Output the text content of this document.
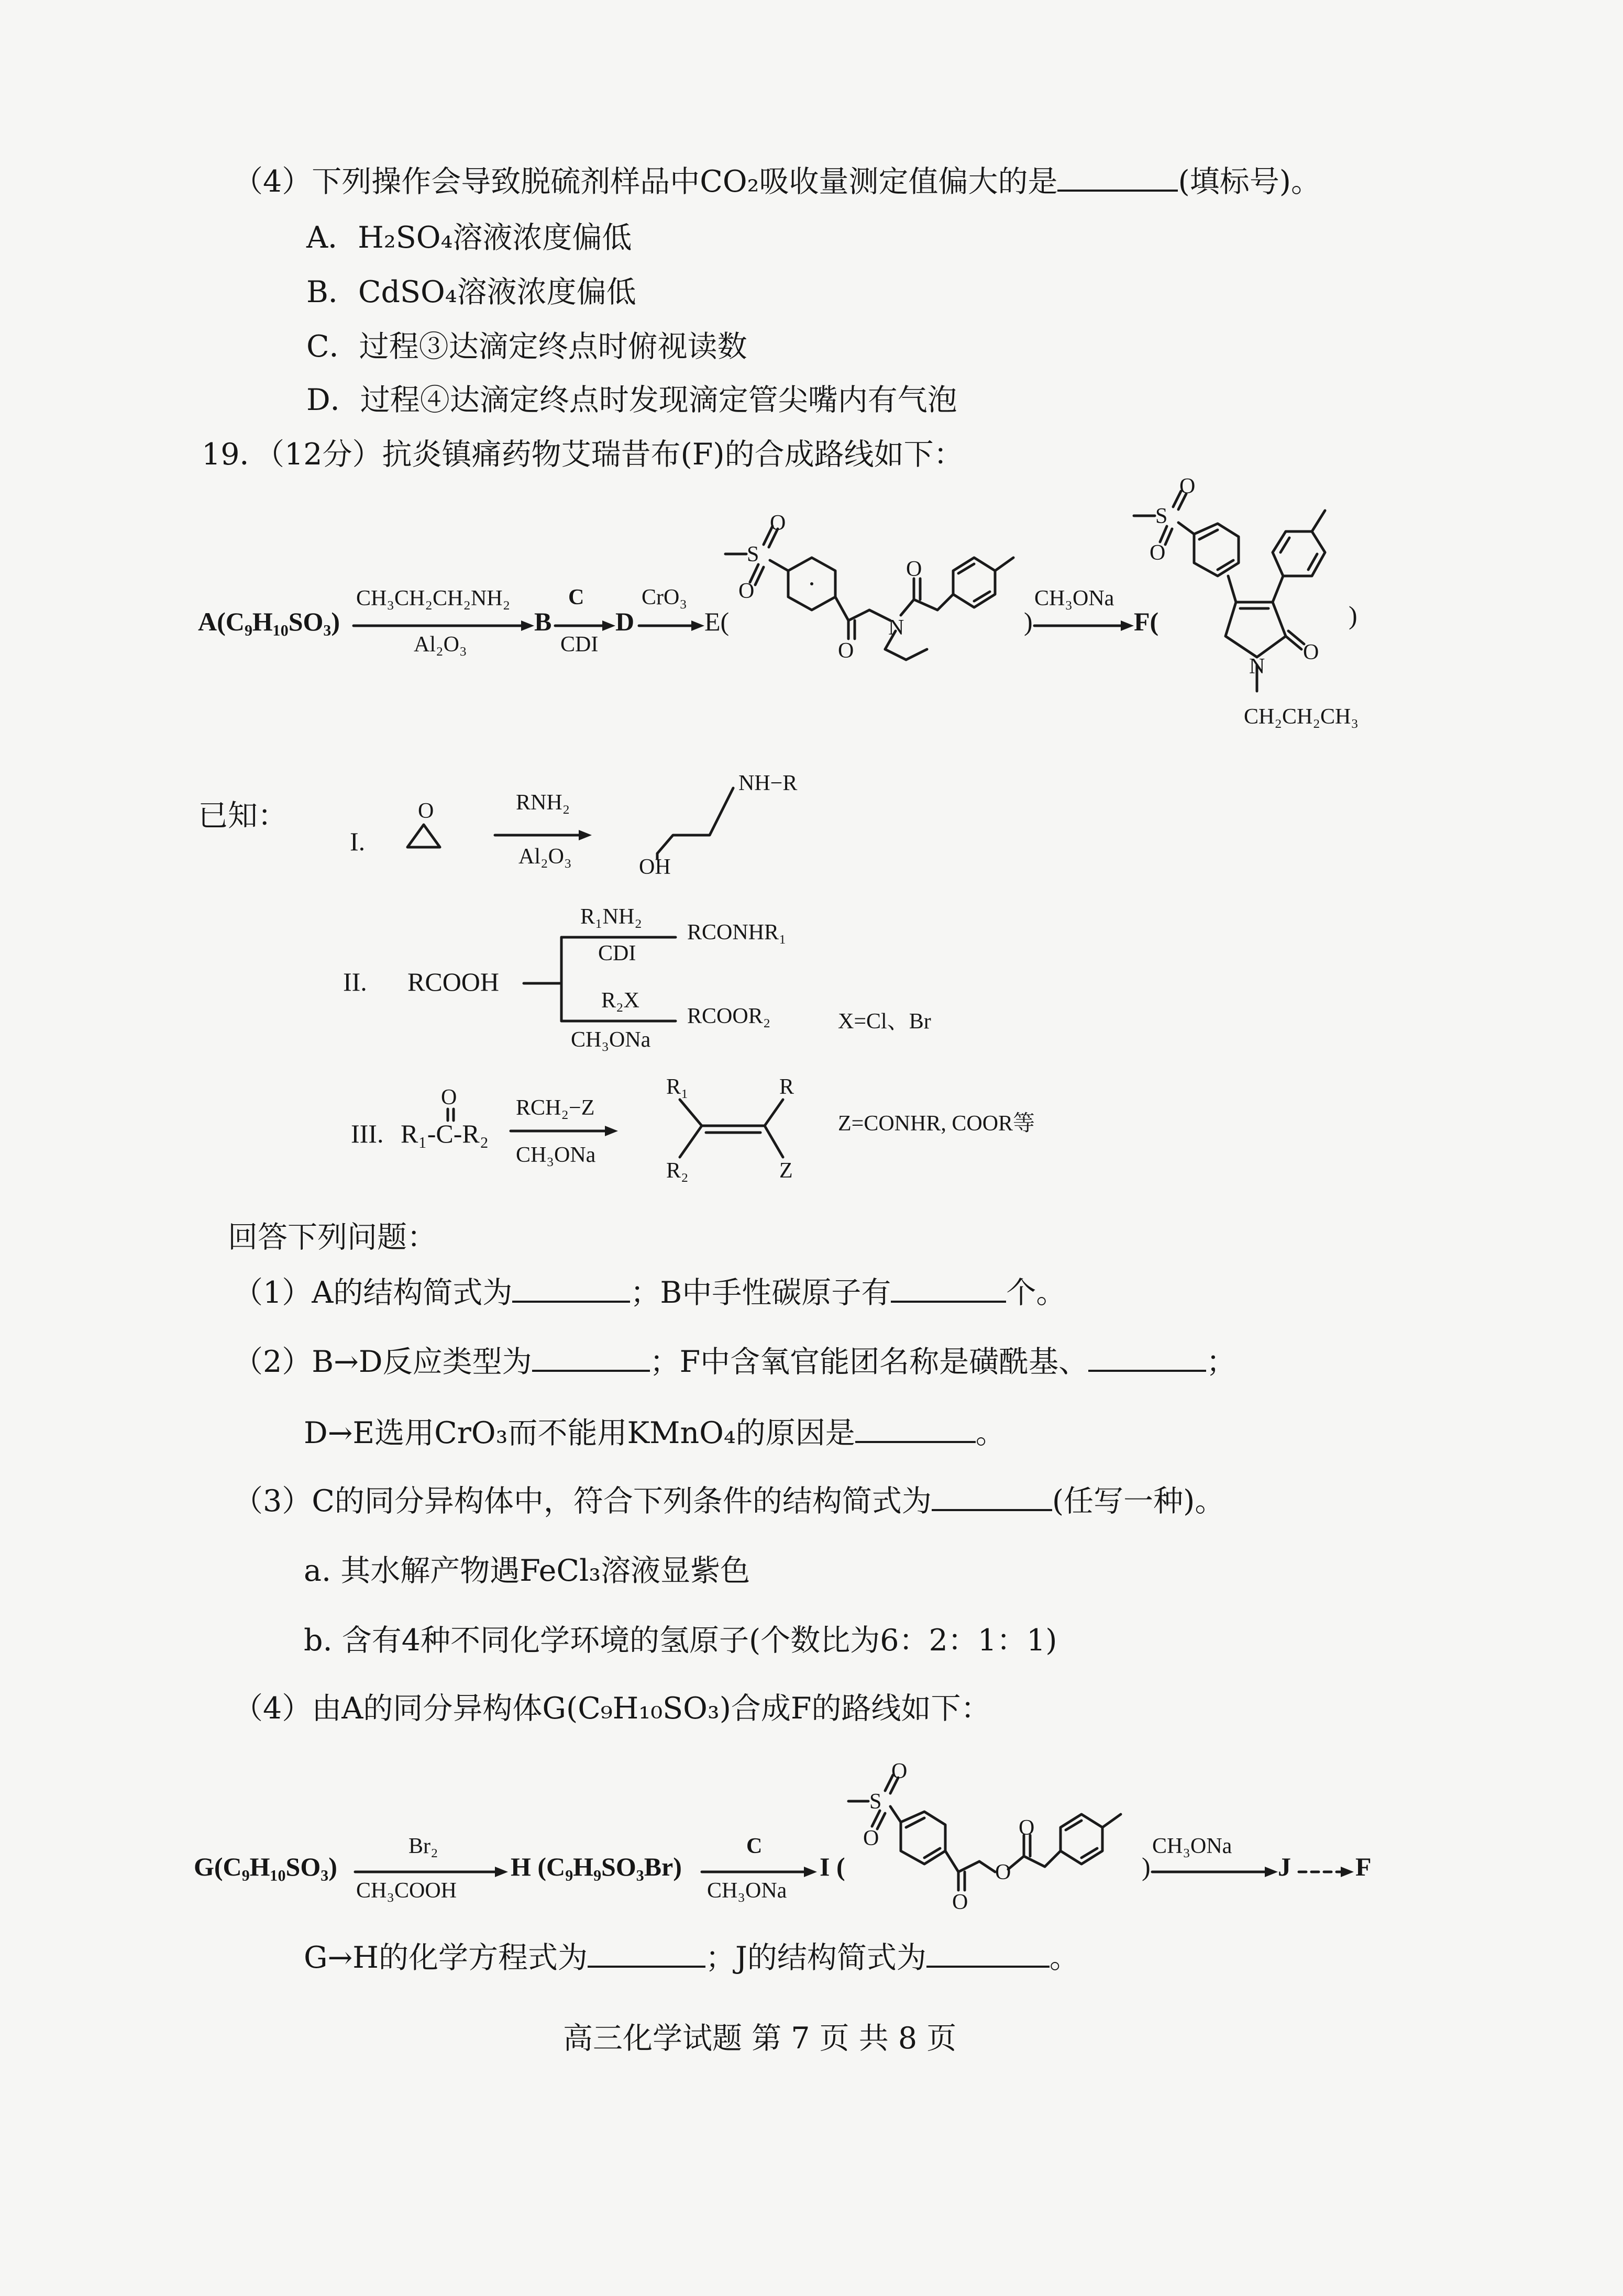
（4）下列操作会导致脱硫剂样品中CO₂吸收量测定值偏大的是	(填标号)。
A．H₂SO₄溶液浓度偏低
B．CdSO₄溶液浓度偏低
C．过程③达滴定终点时俯视读数
D．过程④达滴定终点时发现滴定管尖嘴内有气泡
19．（12分）抗炎镇痛药物艾瑞昔布(F)的合成路线如下：
A(C₉H₁₀SO₃)
CH₃CH₂CH₂NH₂
Al₂O₃
B
C
CDI
D
CrO₃
E(	)
CH₃ONa
F(	)
CH₂CH₂CH₃
S
O
O
O
N
O
S
O
O
O
N
已知：
I.
RNH₂
Al₂O₃
NH−R
OH
O
II. RCOOH
R₁NH₂
CDI
RCONHR₁
R₂X
CH₃ONa
RCOOR₂	X=Cl、Br
III. R₁-C-R₂
O	RCH₂−Z
CH₃ONa
R₁	R
R₂	Z
Z=CONHR, COOR等
回答下列问题：
（1）A的结构简式为	；B中手性碳原子有	个。
（2）B→D反应类型为	；F中含氧官能团名称是磺酰基、	；
D→E选用CrO₃而不能用KMnO₄的原因是	。
（3）C的同分异构体中，符合下列条件的结构简式为	(任写一种)。
a. 其水解产物遇FeCl₃溶液显紫色
b. 含有4种不同化学环境的氢原子(个数比为6：2：1：1)
（4）由A的同分异构体G(C₉H₁₀SO₃)合成F的路线如下：
G(C₉H₁₀SO₃)
Br₂
CH₃COOH
H (C₉H₉SO₃Br)
C
CH₃ONa
I (	)
CH₃ONa
J F
S
O
O
O
O
O
G→H的化学方程式为	；J的结构简式为	。
高三化学试题 第 7 页 共 8 页
